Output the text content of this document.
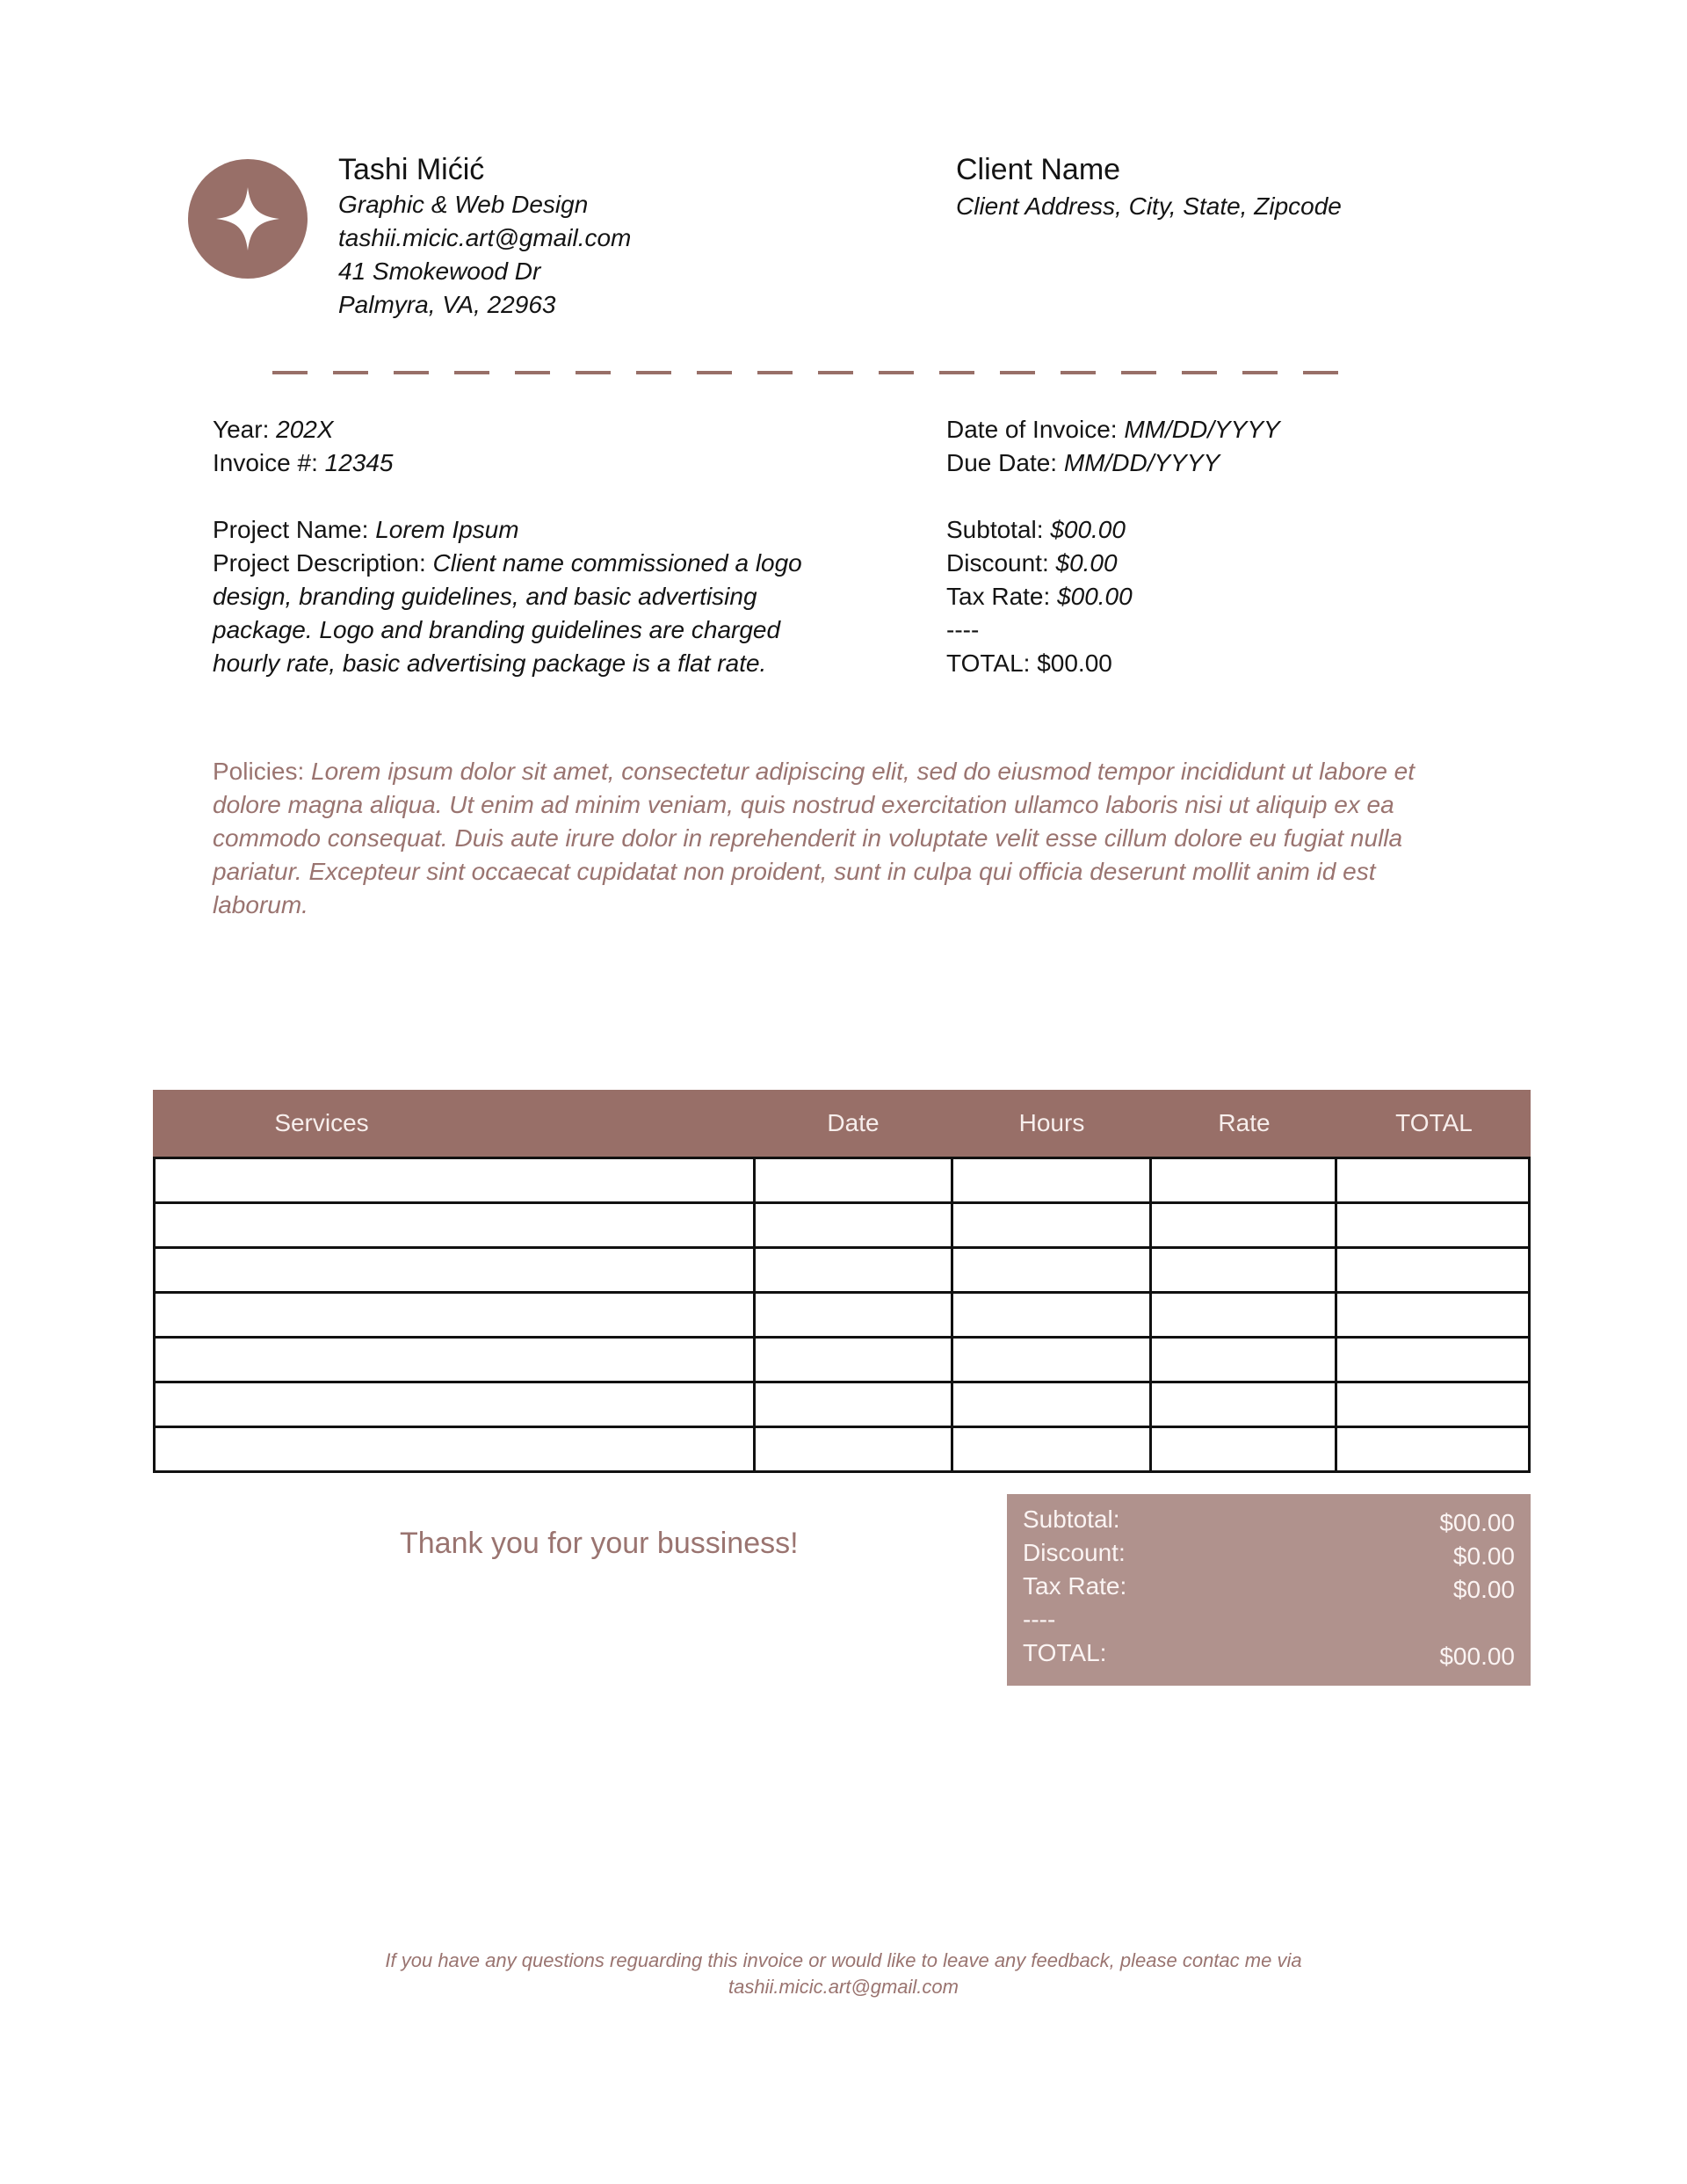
Tashi Mićić
Graphic & Web Design
tashii.micic.art@gmail.com
41 Smokewood Dr
Palmyra, VA, 22963
Client Name
Client Address, City, State, Zipcode
Year: 202X
Invoice #: 12345
Date of Invoice: MM/DD/YYYY
Due Date: MM/DD/YYYY
Project Name: Lorem Ipsum
Project Description: Client name commissioned a logo design, branding guidelines, and basic advertising package. Logo and branding guidelines are charged hourly rate, basic advertising package is a flat rate.
Subtotal: $00.00
Discount: $0.00
Tax Rate: $00.00
----
TOTAL: $00.00
Policies: Lorem ipsum dolor sit amet, consectetur adipiscing elit, sed do eiusmod tempor incididunt ut labore et dolore magna aliqua. Ut enim ad minim veniam, quis nostrud exercitation ullamco laboris nisi ut aliquip ex ea commodo consequat. Duis aute irure dolor in reprehenderit in voluptate velit esse cillum dolore eu fugiat nulla pariatur. Excepteur sint occaecat cupidatat non proident, sunt in culpa qui officia deserunt mollit anim id est laborum.
Services	Date	Hours	Rate	TOTAL

Thank you for your bussiness!
Subtotal:	$00.00
Discount:	$0.00
Tax Rate:	$0.00
----
TOTAL:	$00.00
If you have any questions reguarding this invoice or would like to leave any feedback, please contac me via
tashii.micic.art@gmail.com
